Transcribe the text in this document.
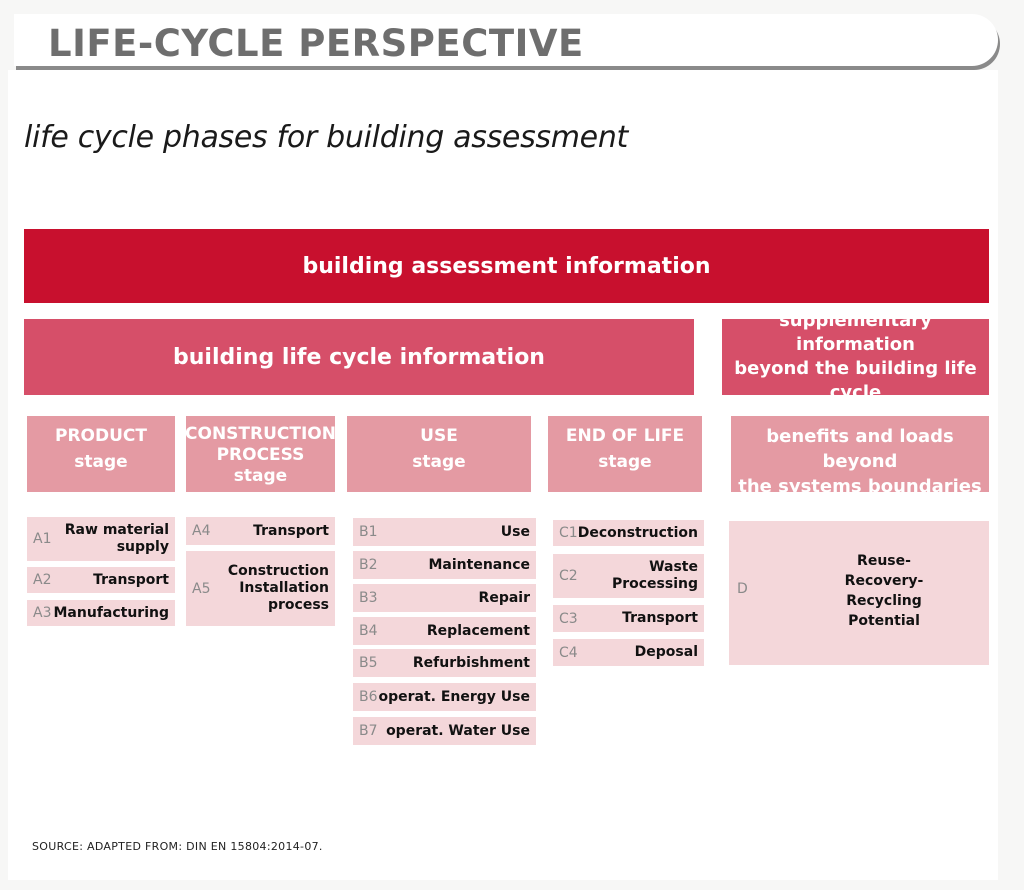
LIFE-CYCLE PERSPECTIVE
life cycle phases for building assessment
building assessment information
building life cycle information
supplementary information
beyond the building life cycle
PRODUCT
stage
CONSTRUCTION
PROCESS
stage
USE
stage
END OF LIFE
stage
benefits and loads beyond
the systems boundaries
A1
Raw material
supply
A2	Transport
A3 Manufacturing
A4	Transport
A5
Construction
Installation
process
B1	Use
B2	Maintenance
B3	Repair
B4	Replacement
B5	Refurbishment
B6 operat. Energy Use
B7 operat. Water Use
C1 Deconstruction
C2
Waste
Processing
C3	Transport
C4	Deposal
D
Reuse-
Recovery-
Recycling
Potential
SOURCE: ADAPTED FROM: DIN EN 15804:2014-07.
